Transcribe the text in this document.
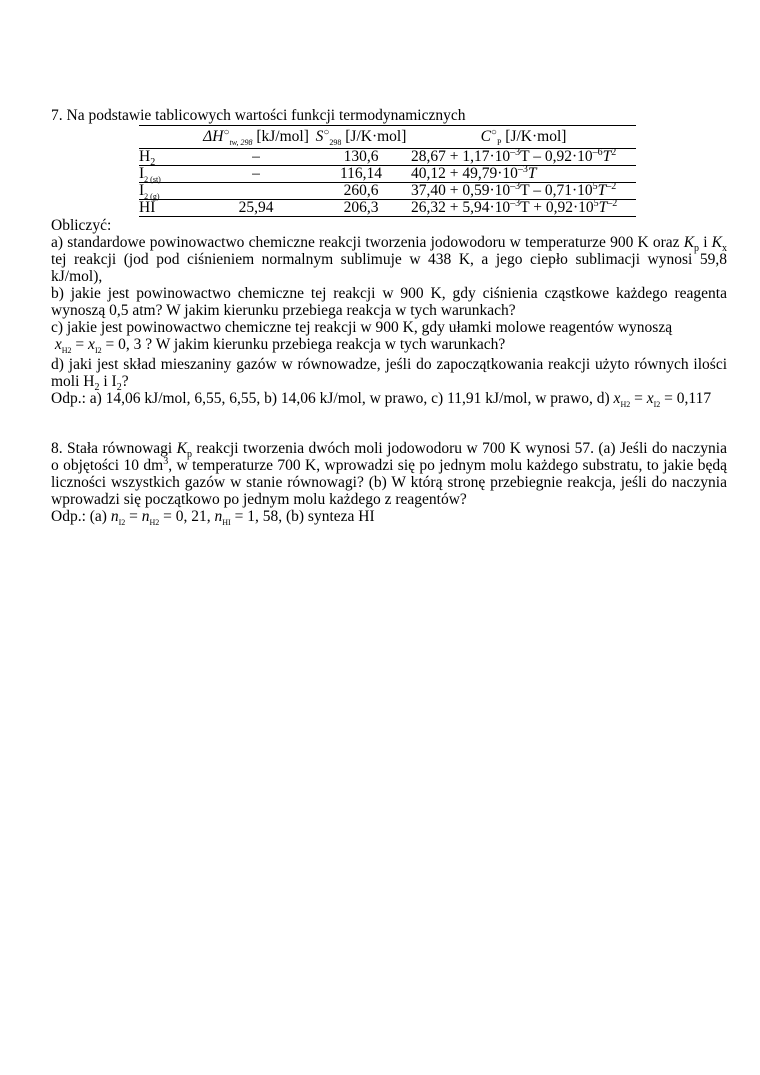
7. Na podstawie tablicowych wartości funkcji termodynamicznych

	$\Delta H^○_{tw, 298}$ [kJ/mol]	$S^○_{298}$ [J/K·mol]	$C^○_P$ [J/K·mol]
$H_2$	–	130,6	$28,67 + 1,17\cdot 10^{-3}T - 0,92\cdot 10^{-6}T^2$
$I_{2 (st)}$	–	116,14	$40,12 + 49,79\cdot 10^{-3}T$
$I_{2 (g)}$		260,6	$37,40 + 0,59\cdot 10^{-3}T - 0,71\cdot 10^5T^{-2}$
HI	25,94	206,3	$26,32 + 5,94\cdot 10^{-3}T + 0,92\cdot 10^5T^{-2}$

Obliczyć:

a) standardowe powinowactwo chemiczne reakcji tworzenia jodowodoru w temperaturze 900 K oraz $K_p$ i $K_x$ tej reakcji (jod pod ciśnieniem normalnym sublimuje w 438 K, a jego ciepło sublimacji wynosi 59,8 kJ/mol),

b) jakie jest powinowactwo chemiczne tej reakcji w 900 K, gdy ciśnienia cząstkowe każdego reagenta wynoszą 0,5 atm? W jakim kierunku przebiega reakcja w tych warunkach?

c) jakie jest powinowactwo chemiczne tej reakcji w 900 K, gdy ułamki molowe reagentów wynoszą

$x_{H2} = x_{I2} = 0$, 3 ? W jakim kierunku przebiega reakcja w tych warunkach?

d) jaki jest skład mieszaniny gazów w równowadze, jeśli do zapoczątkowania reakcji użyto równych ilości moli $H_2$ i $I_2$?

Odp.: a) 14,06 kJ/mol, 6,55, 6,55, b) 14,06 kJ/mol, w prawo, c) 11,91 kJ/mol, w prawo, d) $x_{H2} = x_{I2} = 0,117$

8. Stała równowagi $K_p$ reakcji tworzenia dwóch moli jodowodoru w 700 K wynosi 57. (a) Jeśli do naczynia o objętości 10 $dm^3$, w temperaturze 700 K, wprowadzi się po jednym molu każdego substratu, to jakie będą liczności wszystkich gazów w stanie równowagi? (b) W którą stronę przebiegnie reakcja, jeśli do naczynia wprowadzi się początkowo po jednym molu każdego z reagentów?

Odp.: (a) $n_{I2} = n_{H2} = 0$, 21, $n_{HI} = 1$, 58, (b) synteza HI
